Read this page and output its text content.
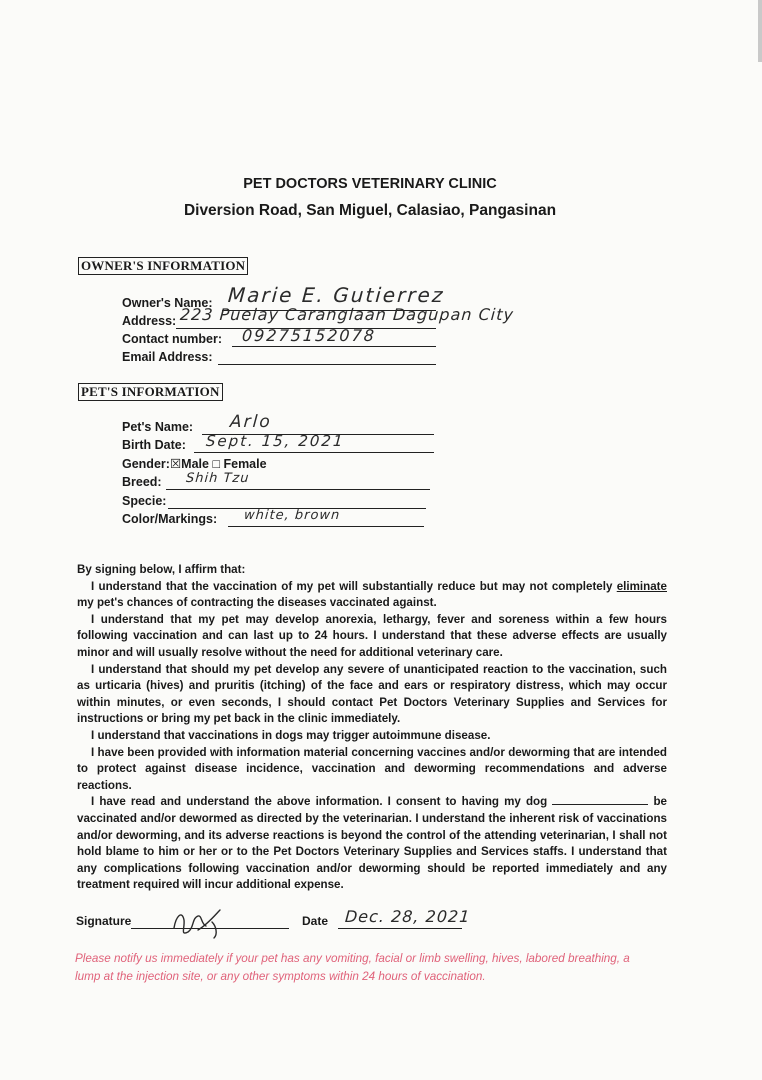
PET DOCTORS VETERINARY CLINIC
Diversion Road, San Miguel, Calasiao, Pangasinan
OWNER'S INFORMATION
Owner's Name: Marie E. Gutierrez
Address: 223 Puelay Caranglaan Dagupan City
Contact number: 09275152078
Email Address:
PET'S INFORMATION
Pet's Name: Arlo
Birth Date: Sept. 15, 2021
Gender:☒Male □ Female
Breed: Shih Tzu
Specie:
Color/Markings: white, brown

By signing below, I affirm that:

I understand that the vaccination of my pet will substantially reduce but may not completely eliminate my pet's chances of contracting the diseases vaccinated against.

I understand that my pet may develop anorexia, lethargy, fever and soreness within a few hours following vaccination and can last up to 24 hours. I understand that these adverse effects are usually minor and will usually resolve without the need for additional veterinary care.

I understand that should my pet develop any severe of unanticipated reaction to the vaccination, such as urticaria (hives) and pruritis (itching) of the face and ears or respiratory distress, which may occur within minutes, or even seconds, I should contact Pet Doctors Veterinary Supplies and Services for instructions or bring my pet back in the clinic immediately.

I understand that vaccinations in dogs may trigger autoimmune disease.

I have been provided with information material concerning vaccines and/or deworming that are intended to protect against disease incidence, vaccination and deworming recommendations and adverse reactions.

I have read and understand the above information. I consent to having my dog	be vaccinated and/or dewormed as directed by the veterinarian. I understand the inherent risk of vaccinations and/or deworming, and its adverse reactions is beyond the control of the attending veterinarian, I shall not hold blame to him or her or to the Pet Doctors Veterinary Supplies and Services staffs. I understand that any complications following vaccination and/or deworming should be reported immediately and any treatment required will incur additional expense.

Signature	Date Dec. 28, 2021
Please notify us immediately if your pet has any vomiting, facial or limb swelling, hives, labored breathing, a lump at the injection site, or any other symptoms within 24 hours of vaccination.
